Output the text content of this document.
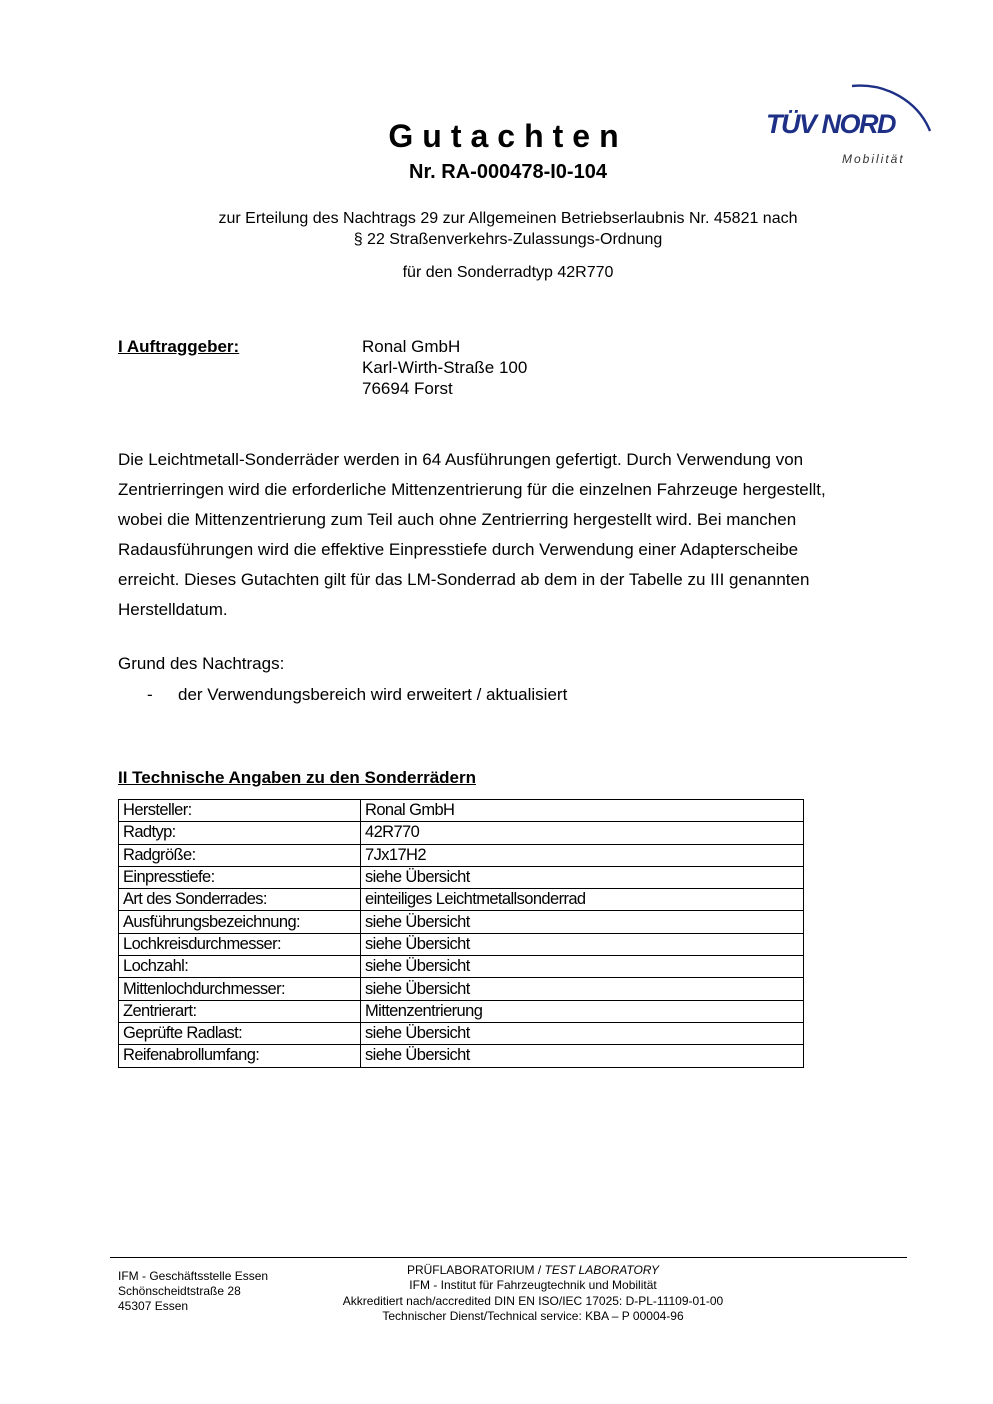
Gutachten
Nr. RA-000478-I0-104
TÜV NORD
Mobilität
zur Erteilung des Nachtrags 29 zur Allgemeinen Betriebserlaubnis Nr. 45821 nach
§ 22 Straßenverkehrs-Zulassungs-Ordnung
für den Sonderradtyp 42R770
I Auftraggeber:	Ronal GmbH
Karl-Wirth-Straße 100
76694 Forst
Die Leichtmetall-Sonderräder werden in 64 Ausführungen gefertigt. Durch Verwendung von
Zentrierringen wird die erforderliche Mittenzentrierung für die einzelnen Fahrzeuge hergestellt,
wobei die Mittenzentrierung zum Teil auch ohne Zentrierring hergestellt wird. Bei manchen
Radausführungen wird die effektive Einpresstiefe durch Verwendung einer Adapterscheibe
erreicht. Dieses Gutachten gilt für das LM-Sonderrad ab dem in der Tabelle zu III genannten
Herstelldatum.
Grund des Nachtrags:
- der Verwendungsbereich wird erweitert / aktualisiert
II Technische Angaben zu den Sonderrädern
Hersteller:	Ronal GmbH
Radtyp:	42R770
Radgröße:	7Jx17H2
Einpresstiefe:	siehe Übersicht
Art des Sonderrades:	einteiliges Leichtmetallsonderrad
Ausführungsbezeichnung:	siehe Übersicht
Lochkreisdurchmesser:	siehe Übersicht
Lochzahl:	siehe Übersicht
Mittenlochdurchmesser:	siehe Übersicht
Zentrierart:	Mittenzentrierung
Geprüfte Radlast:	siehe Übersicht
Reifenabrollumfang:	siehe Übersicht
IFM - Geschäftsstelle Essen
Schönscheidtstraße 28
45307 Essen
PRÜFLABORATORIUM / TEST LABORATORY
IFM - Institut für Fahrzeugtechnik und Mobilität
Akkreditiert nach/accredited DIN EN ISO/IEC 17025: D-PL-11109-01-00
Technischer Dienst/Technical service: KBA – P 00004-96
